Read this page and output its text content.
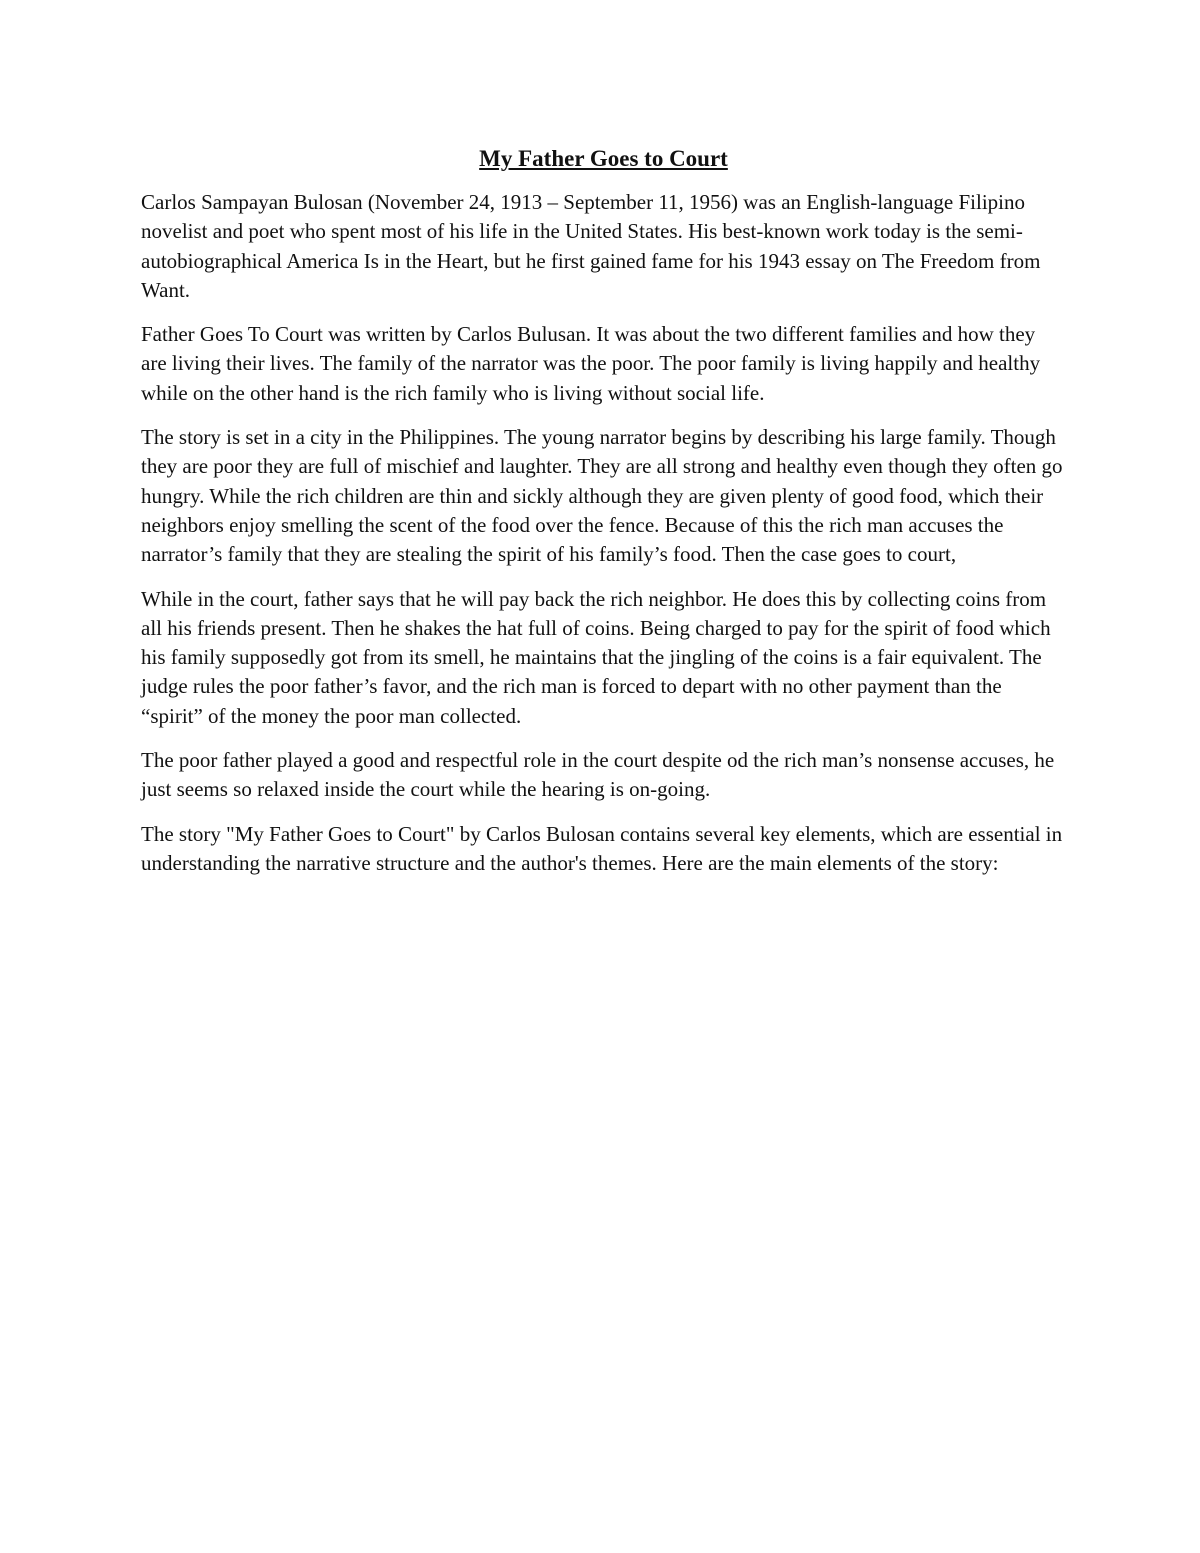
My Father Goes to Court

Carlos Sampayan Bulosan (November 24, 1913 – September 11, 1956) was an English-language Filipino novelist and poet who spent most of his life in the United States. His best-known work today is the semi-autobiographical America Is in the Heart, but he first gained fame for his 1943 essay on The Freedom from Want.

Father Goes To Court was written by Carlos Bulusan. It was about the two different families and how they are living their lives. The family of the narrator was the poor. The poor family is living happily and healthy while on the other hand is the rich family who is living without social life.

The story is set in a city in the Philippines. The young narrator begins by describing his large family. Though they are poor they are full of mischief and laughter. They are all strong and healthy even though they often go hungry. While the rich children are thin and sickly although they are given plenty of good food, which their neighbors enjoy smelling the scent of the food over the fence. Because of this the rich man accuses the narrator’s family that they are stealing the spirit of his family’s food. Then the case goes to court,

While in the court, father says that he will pay back the rich neighbor. He does this by collecting coins from all his friends present. Then he shakes the hat full of coins. Being charged to pay for the spirit of food which his family supposedly got from its smell, he maintains that the jingling of the coins is a fair equivalent. The judge rules the poor father’s favor, and the rich man is forced to depart with no other payment than the “spirit” of the money the poor man collected.

The poor father played a good and respectful role in the court despite od the rich man’s nonsense accuses, he just seems so relaxed inside the court while the hearing is on-going.

The story "My Father Goes to Court" by Carlos Bulosan contains several key elements, which are essential in understanding the narrative structure and the author's themes. Here are the main elements of the story:
